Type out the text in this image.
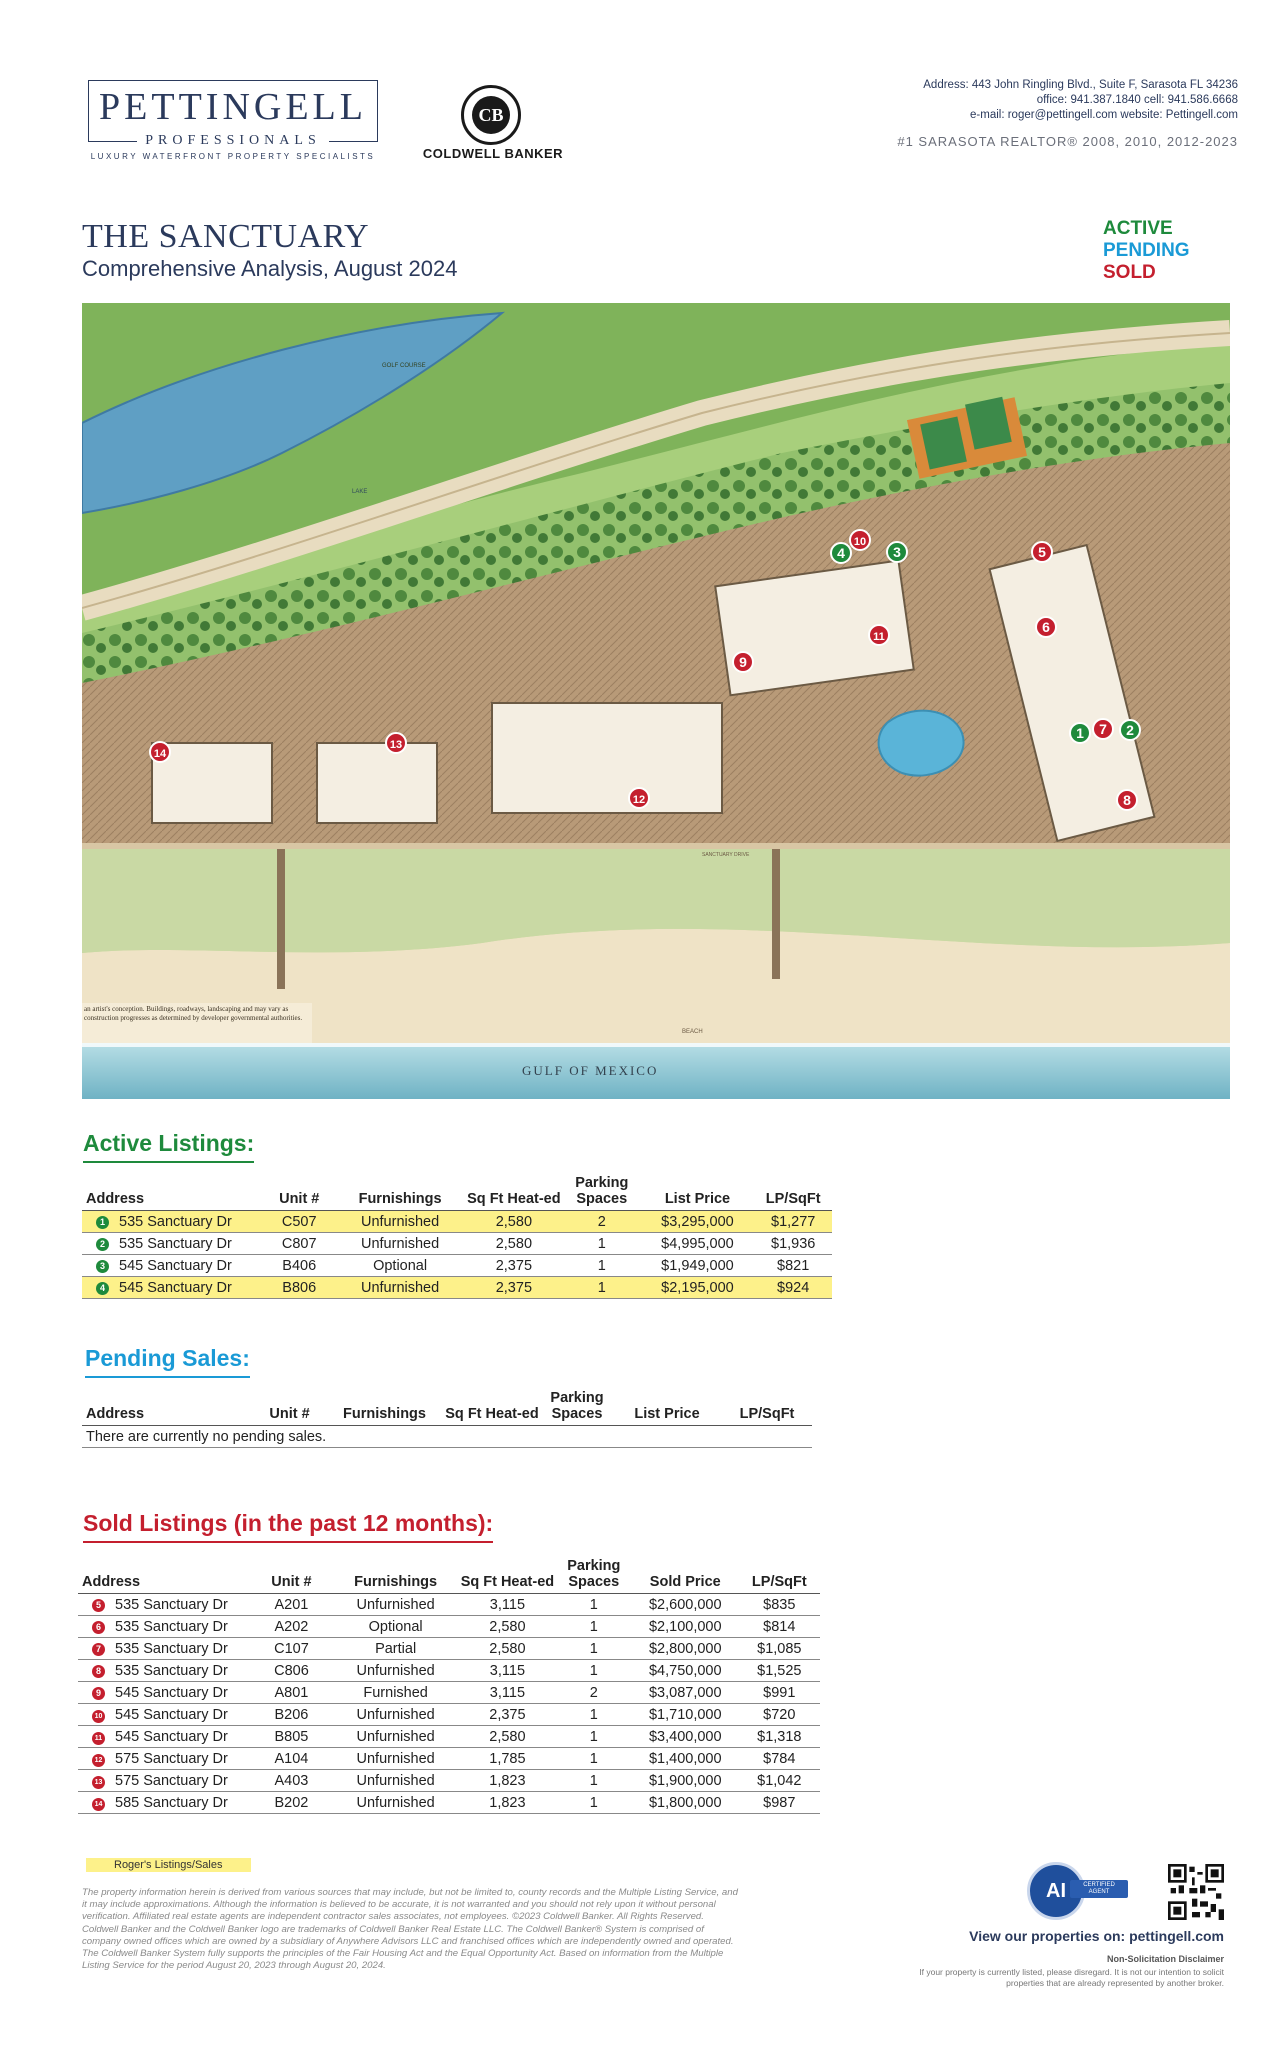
PETTINGELL
PROFESSIONALS
LUXURY WATERFRONT PROPERTY SPECIALISTS
CB
COLDWELL BANKER
Address: 443 John Ringling Blvd., Suite F, Sarasota FL 34236
office: 941.387.1840 cell: 941.586.6668
e-mail: roger@pettingell.com website: Pettingell.com
#1 SARASOTA REALTOR® 2008, 2010, 2012-2023
THE SANCTUARY
Comprehensive Analysis, August 2024
ACTIVE
PENDING
SOLD
GULF OF MEXICO
GOLF COURSE
LAKE
BEACH
SANCTUARY DRIVE
1	2
3
4	5
6
7
8
9
10
11
12
13
14
an artist's conception. Buildings, roadways, landscaping and may vary as construction progresses as determined by developer governmental authorities.
Active Listings:
Address	Unit #	Furnishings	Sq Ft Heat-ed	Parking Spaces	List Price	LP/SqFt
1 535 Sanctuary Dr	C507	Unfurnished	2,580	2	$3,295,000	$1,277
2 535 Sanctuary Dr	C807	Unfurnished	2,580	1	$4,995,000	$1,936
3 545 Sanctuary Dr	B406	Optional	2,375	1	$1,949,000	$821
4 545 Sanctuary Dr	B806	Unfurnished	2,375	1	$2,195,000	$924
Pending Sales:
Address	Unit #	Furnishings	Sq Ft Heat-ed	Parking Spaces	List Price	LP/SqFt
There are currently no pending sales.
Sold Listings (in the past 12 months):
Address	Unit #	Furnishings	Sq Ft Heat-ed	Parking Spaces	Sold Price	LP/SqFt
5 535 Sanctuary Dr	A201	Unfurnished	3,115	1	$2,600,000	$835
6 535 Sanctuary Dr	A202	Optional	2,580	1	$2,100,000	$814
7 535 Sanctuary Dr	C107	Partial	2,580	1	$2,800,000	$1,085
8 535 Sanctuary Dr	C806	Unfurnished	3,115	1	$4,750,000	$1,525
9 545 Sanctuary Dr	A801	Furnished	3,115	2	$3,087,000	$991
10 545 Sanctuary Dr	B206	Unfurnished	2,375	1	$1,710,000	$720
11 545 Sanctuary Dr	B805	Unfurnished	2,580	1	$3,400,000	$1,318
12 575 Sanctuary Dr	A104	Unfurnished	1,785	1	$1,400,000	$784
13 575 Sanctuary Dr	A403	Unfurnished	1,823	1	$1,900,000	$1,042
14 585 Sanctuary Dr	B202	Unfurnished	1,823	1	$1,800,000	$987
Roger's Listings/Sales
The property information herein is derived from various sources that may include, but not be limited to, county records and the Multiple Listing Service, and it may include approximations. Although the information is believed to be accurate, it is not warranted and you should not rely upon it without personal verification. Affiliated real estate agents are independent contractor sales associates, not employees. ©2023 Coldwell Banker. All Rights Reserved. Coldwell Banker and the Coldwell Banker logo are trademarks of Coldwell Banker Real Estate LLC. The Coldwell Banker® System is comprised of company owned offices which are owned by a subsidiary of Anywhere Advisors LLC and franchised offices which are independently owned and operated. The Coldwell Banker System fully supports the principles of the Fair Housing Act and the Equal Opportunity Act. Based on information from the Multiple Listing Service for the period August 20, 2023 through August 20, 2024.
AI	CERTIFIED AGENT
View our properties on: pettingell.com
Non-Solicitation Disclaimer
If your property is currently listed, please disregard. It is not our intention to solicit properties that are already represented by another broker.
